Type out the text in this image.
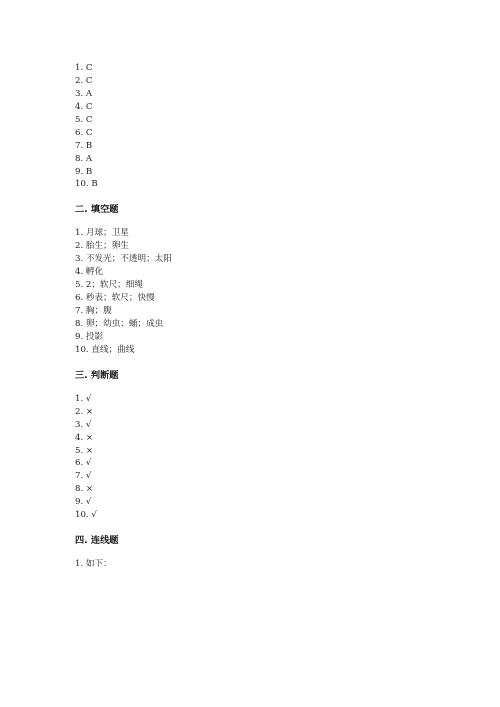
1. C
2. C
3. A
4. C
5. C
6. C
7. B
8. A
9. B
10. B
二. 填空题
1. 月球；卫星
2. 胎生；卵生
3. 不发光；不透明；太阳
4. 孵化
5. 2；软尺；细绳
6. 秒表；软尺；快慢
7. 胸；腹
8. 卵；幼虫；蛹；成虫
9. 投影
10. 直线；曲线
三. 判断题
1. √
2. ×
3. √
4. ×
5. ×
6. √
7. √
8. ×
9. √
10. √
四. 连线题
1. 如下：
